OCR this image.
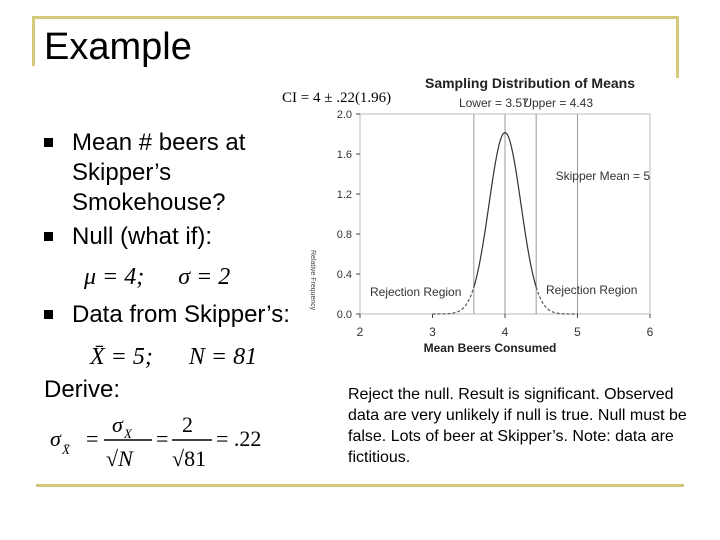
Example
Mean # beers at Skipper’s Smokehouse?
Null (what if):
μ = 4; σ = 2
Data from Skipper’s:
X̄ = 5; N = 81
Derive:
σ X̄ =
σ X
√N
=
2
√81
= .22
CI = 4 ± .22(1.96)
Sampling Distribution of Means
0.0
0.4
0.8
1.2
1.6
2.0
2	3	4	5	6
Lower = 3.57
Upper = 4.43
Skipper Mean = 5
Rejection Region	Rejection Region
Mean Beers Consumed
Relative Frequency
Reject the null. Result is significant. Observed data are very unlikely if null is true. Null must be false. Lots of beer at Skipper’s. Note: data are fictitious.
